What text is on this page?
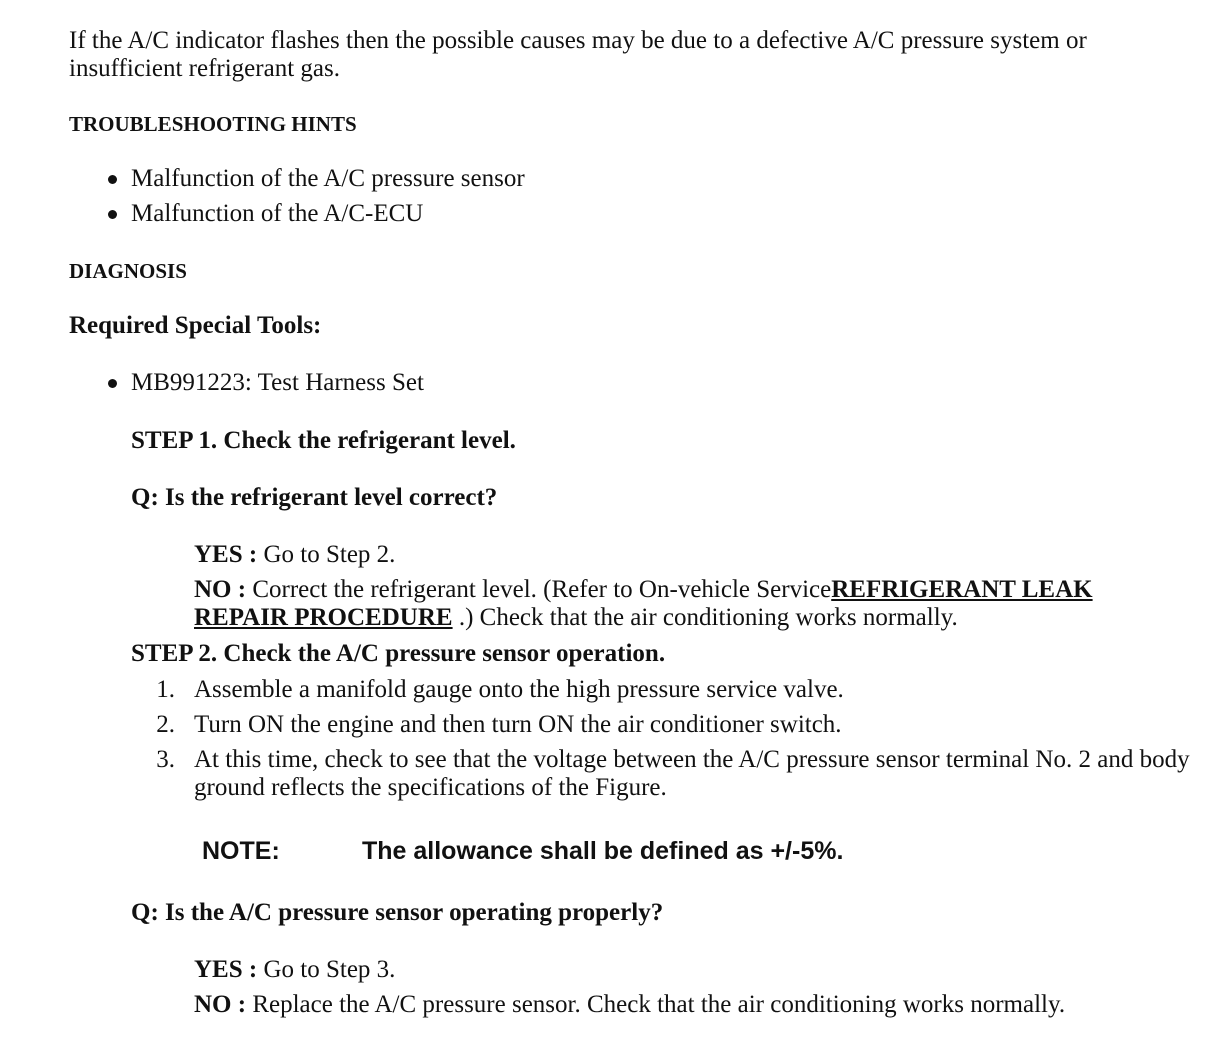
If the A/C indicator flashes then the possible causes may be due to a defective A/C pressure system or
insufficient refrigerant gas.
TROUBLESHOOTING HINTS
Malfunction of the A/C pressure sensor
Malfunction of the A/C-ECU
DIAGNOSIS
Required Special Tools:
MB991223: Test Harness Set
STEP 1. Check the refrigerant level.
Q: Is the refrigerant level correct?
YES : Go to Step 2.
NO : Correct the refrigerant level. (Refer to On-vehicle ServiceREFRIGERANT LEAK
REPAIR PROCEDURE .) Check that the air conditioning works normally.
STEP 2. Check the A/C pressure sensor operation.
1. Assemble a manifold gauge onto the high pressure service valve.
2. Turn ON the engine and then turn ON the air conditioner switch.
3. At this time, check to see that the voltage between the A/C pressure sensor terminal No. 2 and body
ground reflects the specifications of the Figure.
NOTE:	The allowance shall be defined as +/-5%.
Q: Is the A/C pressure sensor operating properly?
YES : Go to Step 3.
NO : Replace the A/C pressure sensor. Check that the air conditioning works normally.
